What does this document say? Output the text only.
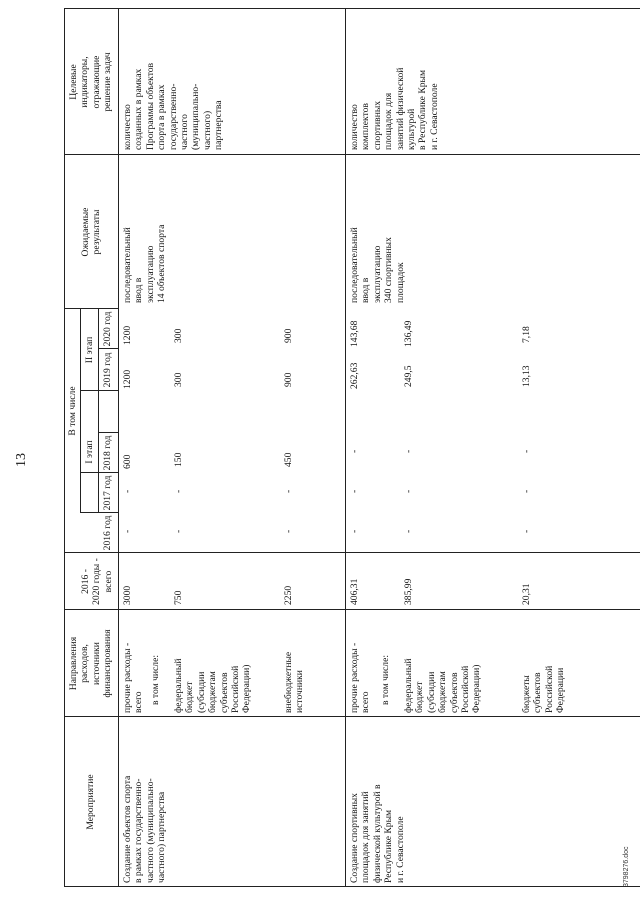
13
Мероприятие
Направления
расходов,
источники
финансирования
2016 -
2020 годы -
всего
В том числе
I этап
II этап
2016 год
2017 год
2018 год
2019 год
2020 год
Ожидаемые
результаты
Целевые
индикаторы,
отражающие
решение задач
Создание объектов спорта
в рамках государственно-
частного (муниципально-
частного) партнерства
последовательный
ввод в
эксплуатацию
14 объектов спорта
количество
созданных в рамках
Программы объектов
спорта в рамках
государственно-
частного
(муниципально-
частного)
партнерства
прочие расходы -
всего
3000
-
-
600
1200
1200
в том числе: федеральный
бюджет
(субсидии
бюджетам
субъектов
Российской
Федерации)
750
-
-
150
300
300
внебюджетные
источники
2250
-
-
450
900
900
Создание спортивных
площадок для занятий
физической культурой в
Республике Крым
и г. Севастополе
последовательный
ввод в
эксплуатацию
340 спортивных
площадок
количество
комплектов
спортивных
площадок для
занятий физической
культурой
в Республике Крым
и г. Севастополе
прочие расходы -
всего
406,31
-
-
-
262,63
143,68
в том числе: федеральный
бюджет
(субсидии
бюджетам
субъектов
Российской
Федерации)
385,99
-
-
-
249,5
136,49
бюджеты
субъектов
Российской
Федерации
20,31
-
-
-
13,13
7,18
3798276.doc
